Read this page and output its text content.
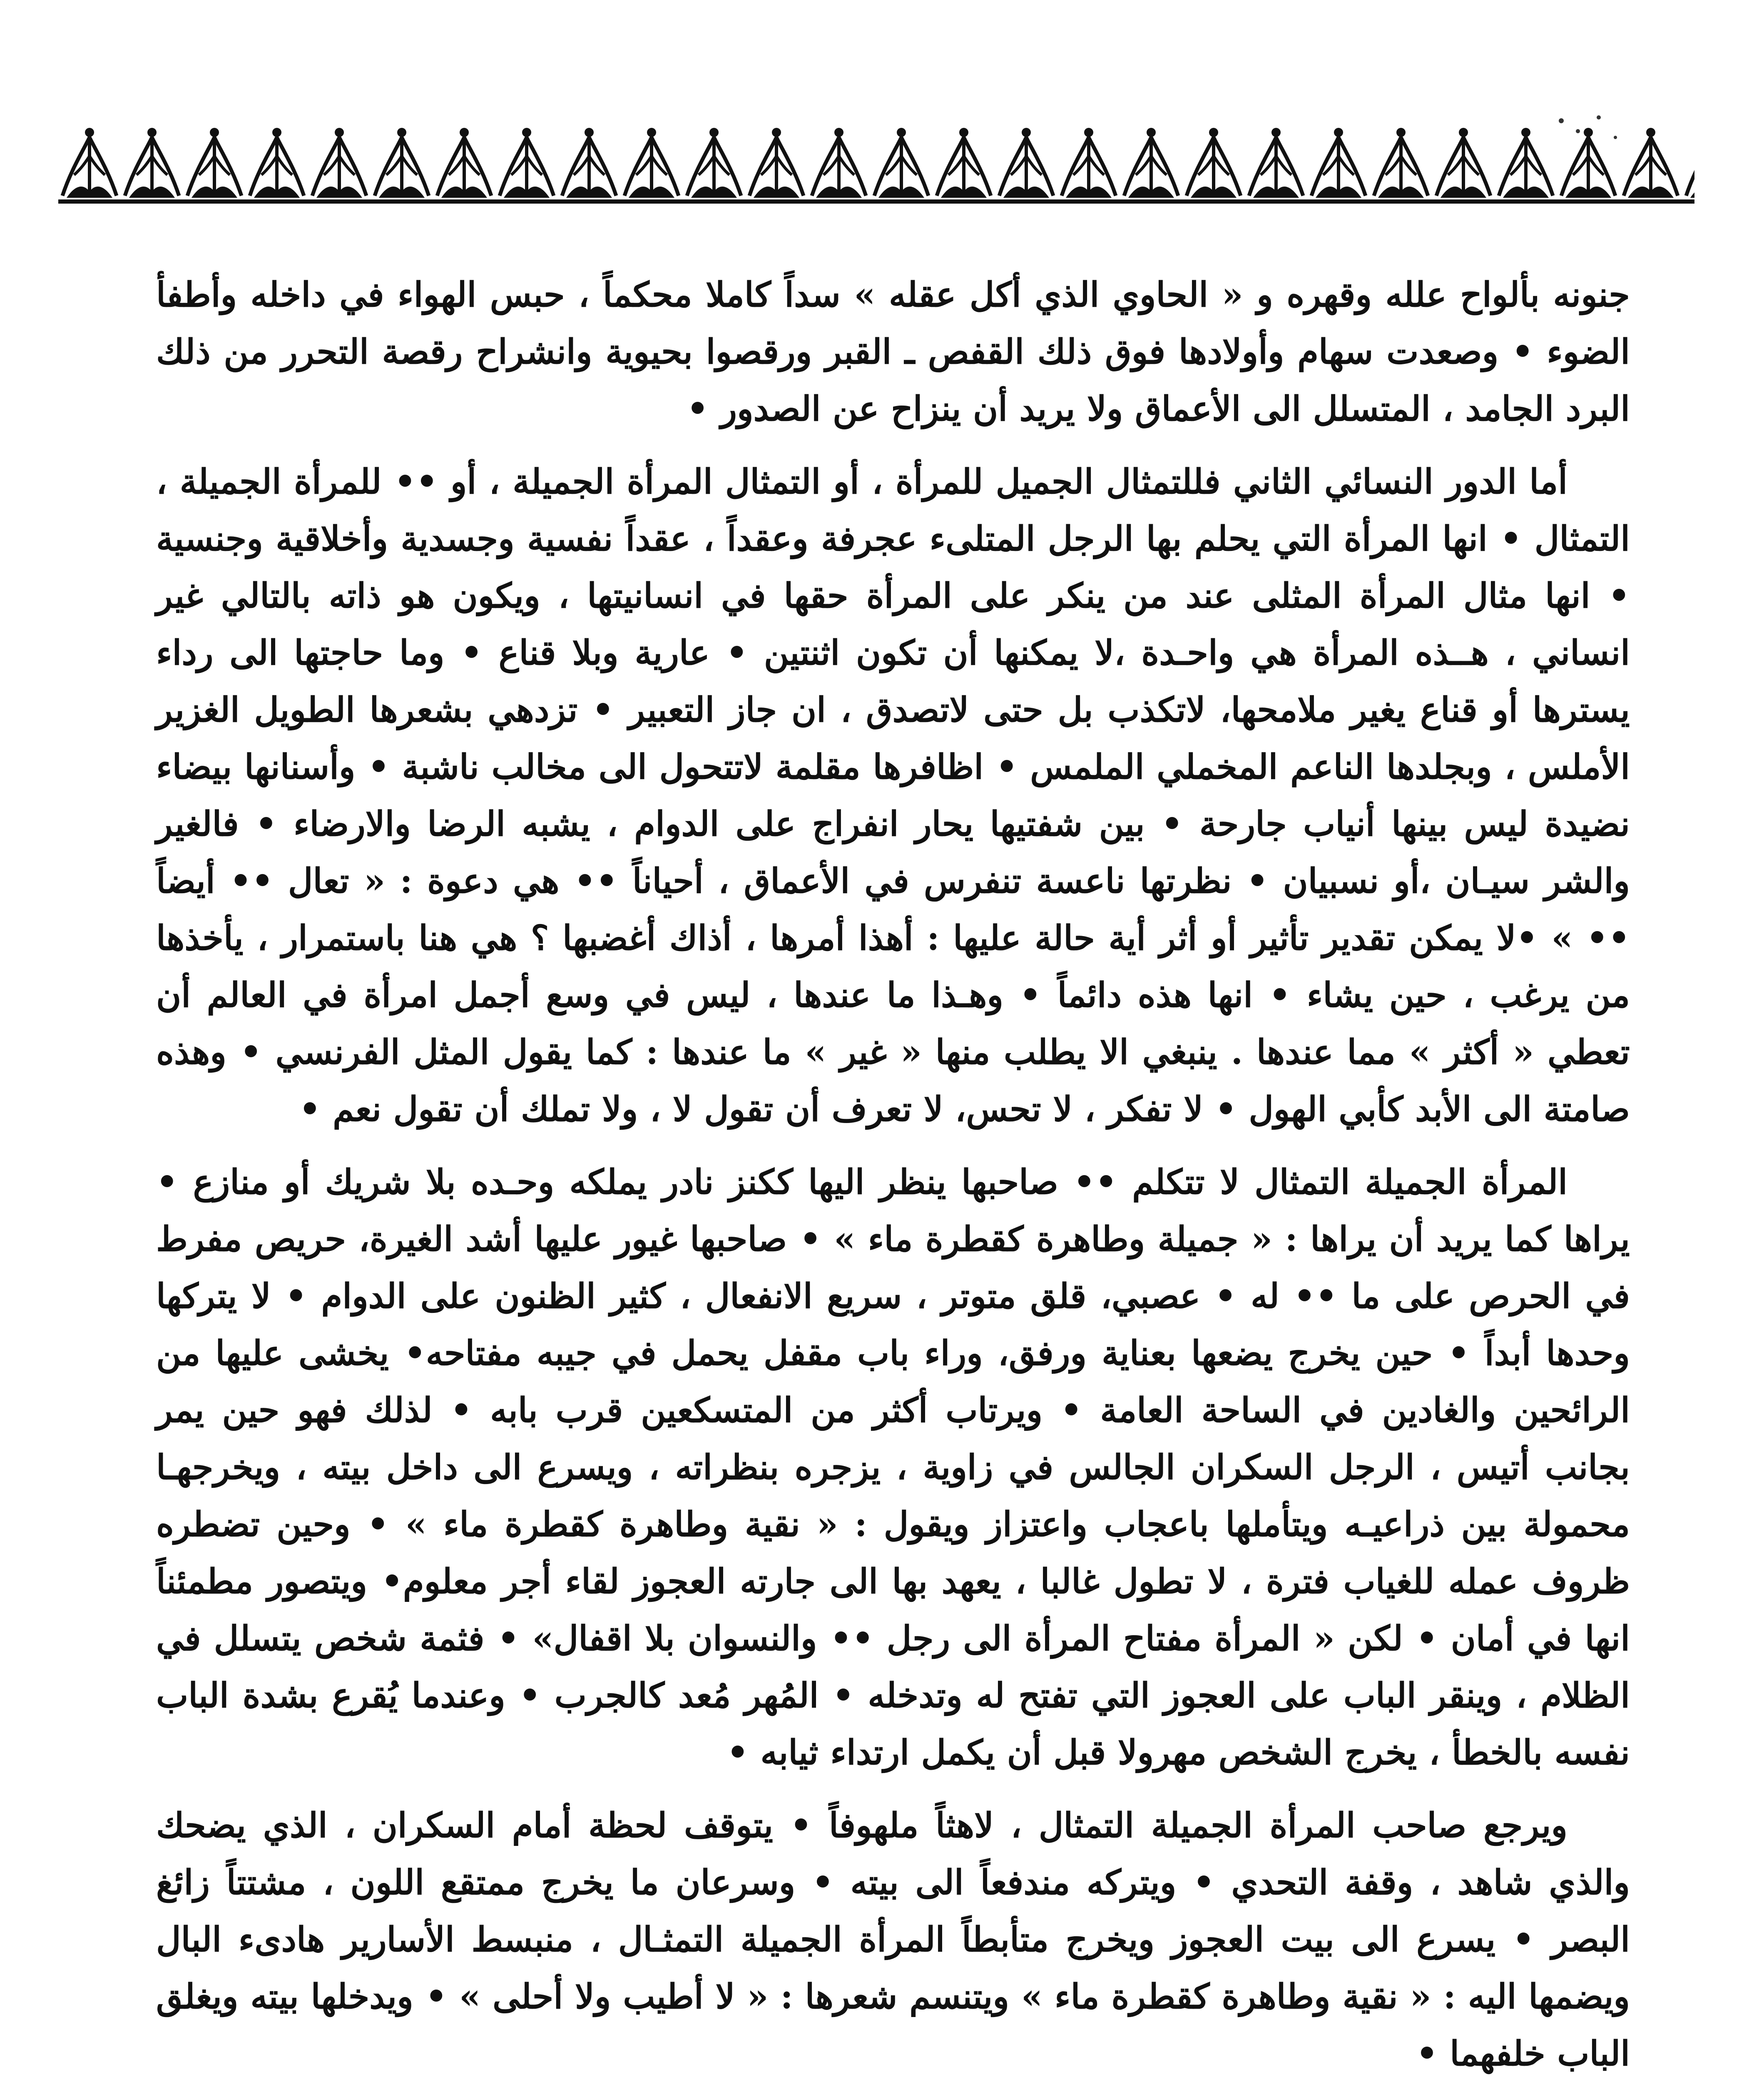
جنونه بألواح علله وقهره و « الحاوي الذي أكل عقله » سداً كاملا محكماً ، حبس الهواء في داخله وأطفأ الضوء • وصعدت سهام وأولادها فوق ذلك القفص ـ القبر ورقصوا بحيوية وانشراح رقصة التحرر من ذلك البرد الجامد ، المتسلل الى الأعماق ولا يريد أن ينزاح عن الصدور •

أما الدور النسائي الثاني فللتمثال الجميل للمرأة ، أو التمثال المرأة الجميلة ، أو •• للمرأة الجميلة ، التمثال • انها المرأة التي يحلم بها الرجل المتلىء عجرفة وعقداً ، عقداً نفسية وجسدية وأخلاقية وجنسية • انها مثال المرأة المثلى عند من ينكر على المرأة حقها في انسانيتها ، ويكون هو ذاته بالتالي غير انساني ، هــذه المرأة هي واحـدة ،لا يمكنها أن تكون اثنتين • عارية وبلا قناع • وما حاجتها الى رداء يسترها أو قناع يغير ملامحها، لاتكذب بل حتى لاتصدق ، ان جاز التعبير • تزدهي بشعرها الطويل الغزير الأملس ، وبجلدها الناعم المخملي الملمس • اظافرها مقلمة لاتتحول الى مخالب ناشبة • وأسنانها بيضاء نضيدة ليس بينها أنياب جارحة • بين شفتيها يحار انفراج على الدوام ، يشبه الرضا والارضاء • فالغير والشر سيـان ،أو نسبيان • نظرتها ناعسة تنفرس في الأعماق ، أحياناً •• هي دعوة : « تعال •• أيضاً •• » •لا يمكن تقدير تأثير أو أثر أية حالة عليها : أهذا أمرها ، أذاك أغضبها ؟ هي هنا باستمرار ، يأخذها من يرغب ، حين يشاء • انها هذه دائماً • وهـذا ما عندها ، ليس في وسع أجمل امرأة في العالم أن تعطي « أكثر » مما عندها . ينبغي الا يطلب منها « غير » ما عندها : كما يقول المثل الفرنسي • وهذه صامتة الى الأبد كأبي الهول • لا تفكر ، لا تحس، لا تعرف أن تقول لا ، ولا تملك أن تقول نعم •

المرأة الجميلة التمثال لا تتكلم •• صاحبها ينظر اليها ككنز نادر يملكه وحـده بلا شريك أو منازع • يراها كما يريد أن يراها : « جميلة وطاهرة كقطرة ماء » • صاحبها غيور عليها أشد الغيرة، حريص مفرط في الحرص على ما •• له • عصبي، قلق متوتر ، سريع الانفعال ، كثير الظنون على الدوام • لا يتركها وحدها أبداً • حين يخرج يضعها بعناية ورفق، وراء باب مقفل يحمل في جيبه مفتاحه• يخشى عليها من الرائحين والغادين في الساحة العامة • ويرتاب أكثر من المتسكعين قرب بابه • لذلك فهو حين يمر بجانب أتيس ، الرجل السكران الجالس في زاوية ، يزجره بنظراته ، ويسرع الى داخل بيته ، ويخرجهـا محمولة بين ذراعيـه ويتأملها باعجاب واعتزاز ويقول : « نقية وطاهرة كقطرة ماء » • وحين تضطره ظروف عمله للغياب فترة ، لا تطول غالبا ، يعهد بها الى جارته العجوز لقاء أجر معلوم• ويتصور مطمئناً انها في أمان • لكن « المرأة مفتاح المرأة الى رجل •• والنسوان بلا اقفال» • فثمة شخص يتسلل في الظلام ، وينقر الباب على العجوز التي تفتح له وتدخله • المُهر مُعد كالجرب • وعندما يُقرع بشدة الباب نفسه بالخطأ ، يخرج الشخص مهرولا قبل أن يكمل ارتداء ثيابه •

ويرجع صاحب المرأة الجميلة التمثال ، لاهثاً ملهوفاً • يتوقف لحظة أمام السكران ، الذي يضحك والذي شاهد ، وقفة التحدي • ويتركه مندفعاً الى بيته • وسرعان ما يخرج ممتقع اللون ، مشتتاً زائغ البصر • يسرع الى بيت العجوز ويخرج متأبطاً المرأة الجميلة التمثـال ، منبسط الأسارير هادىء البال ويضمها اليه : « نقية وطاهرة كقطرة ماء » ويتنسم شعرها : « لا أطيب ولا أحلى » • ويدخلها بيته ويغلق الباب خلفهما •
